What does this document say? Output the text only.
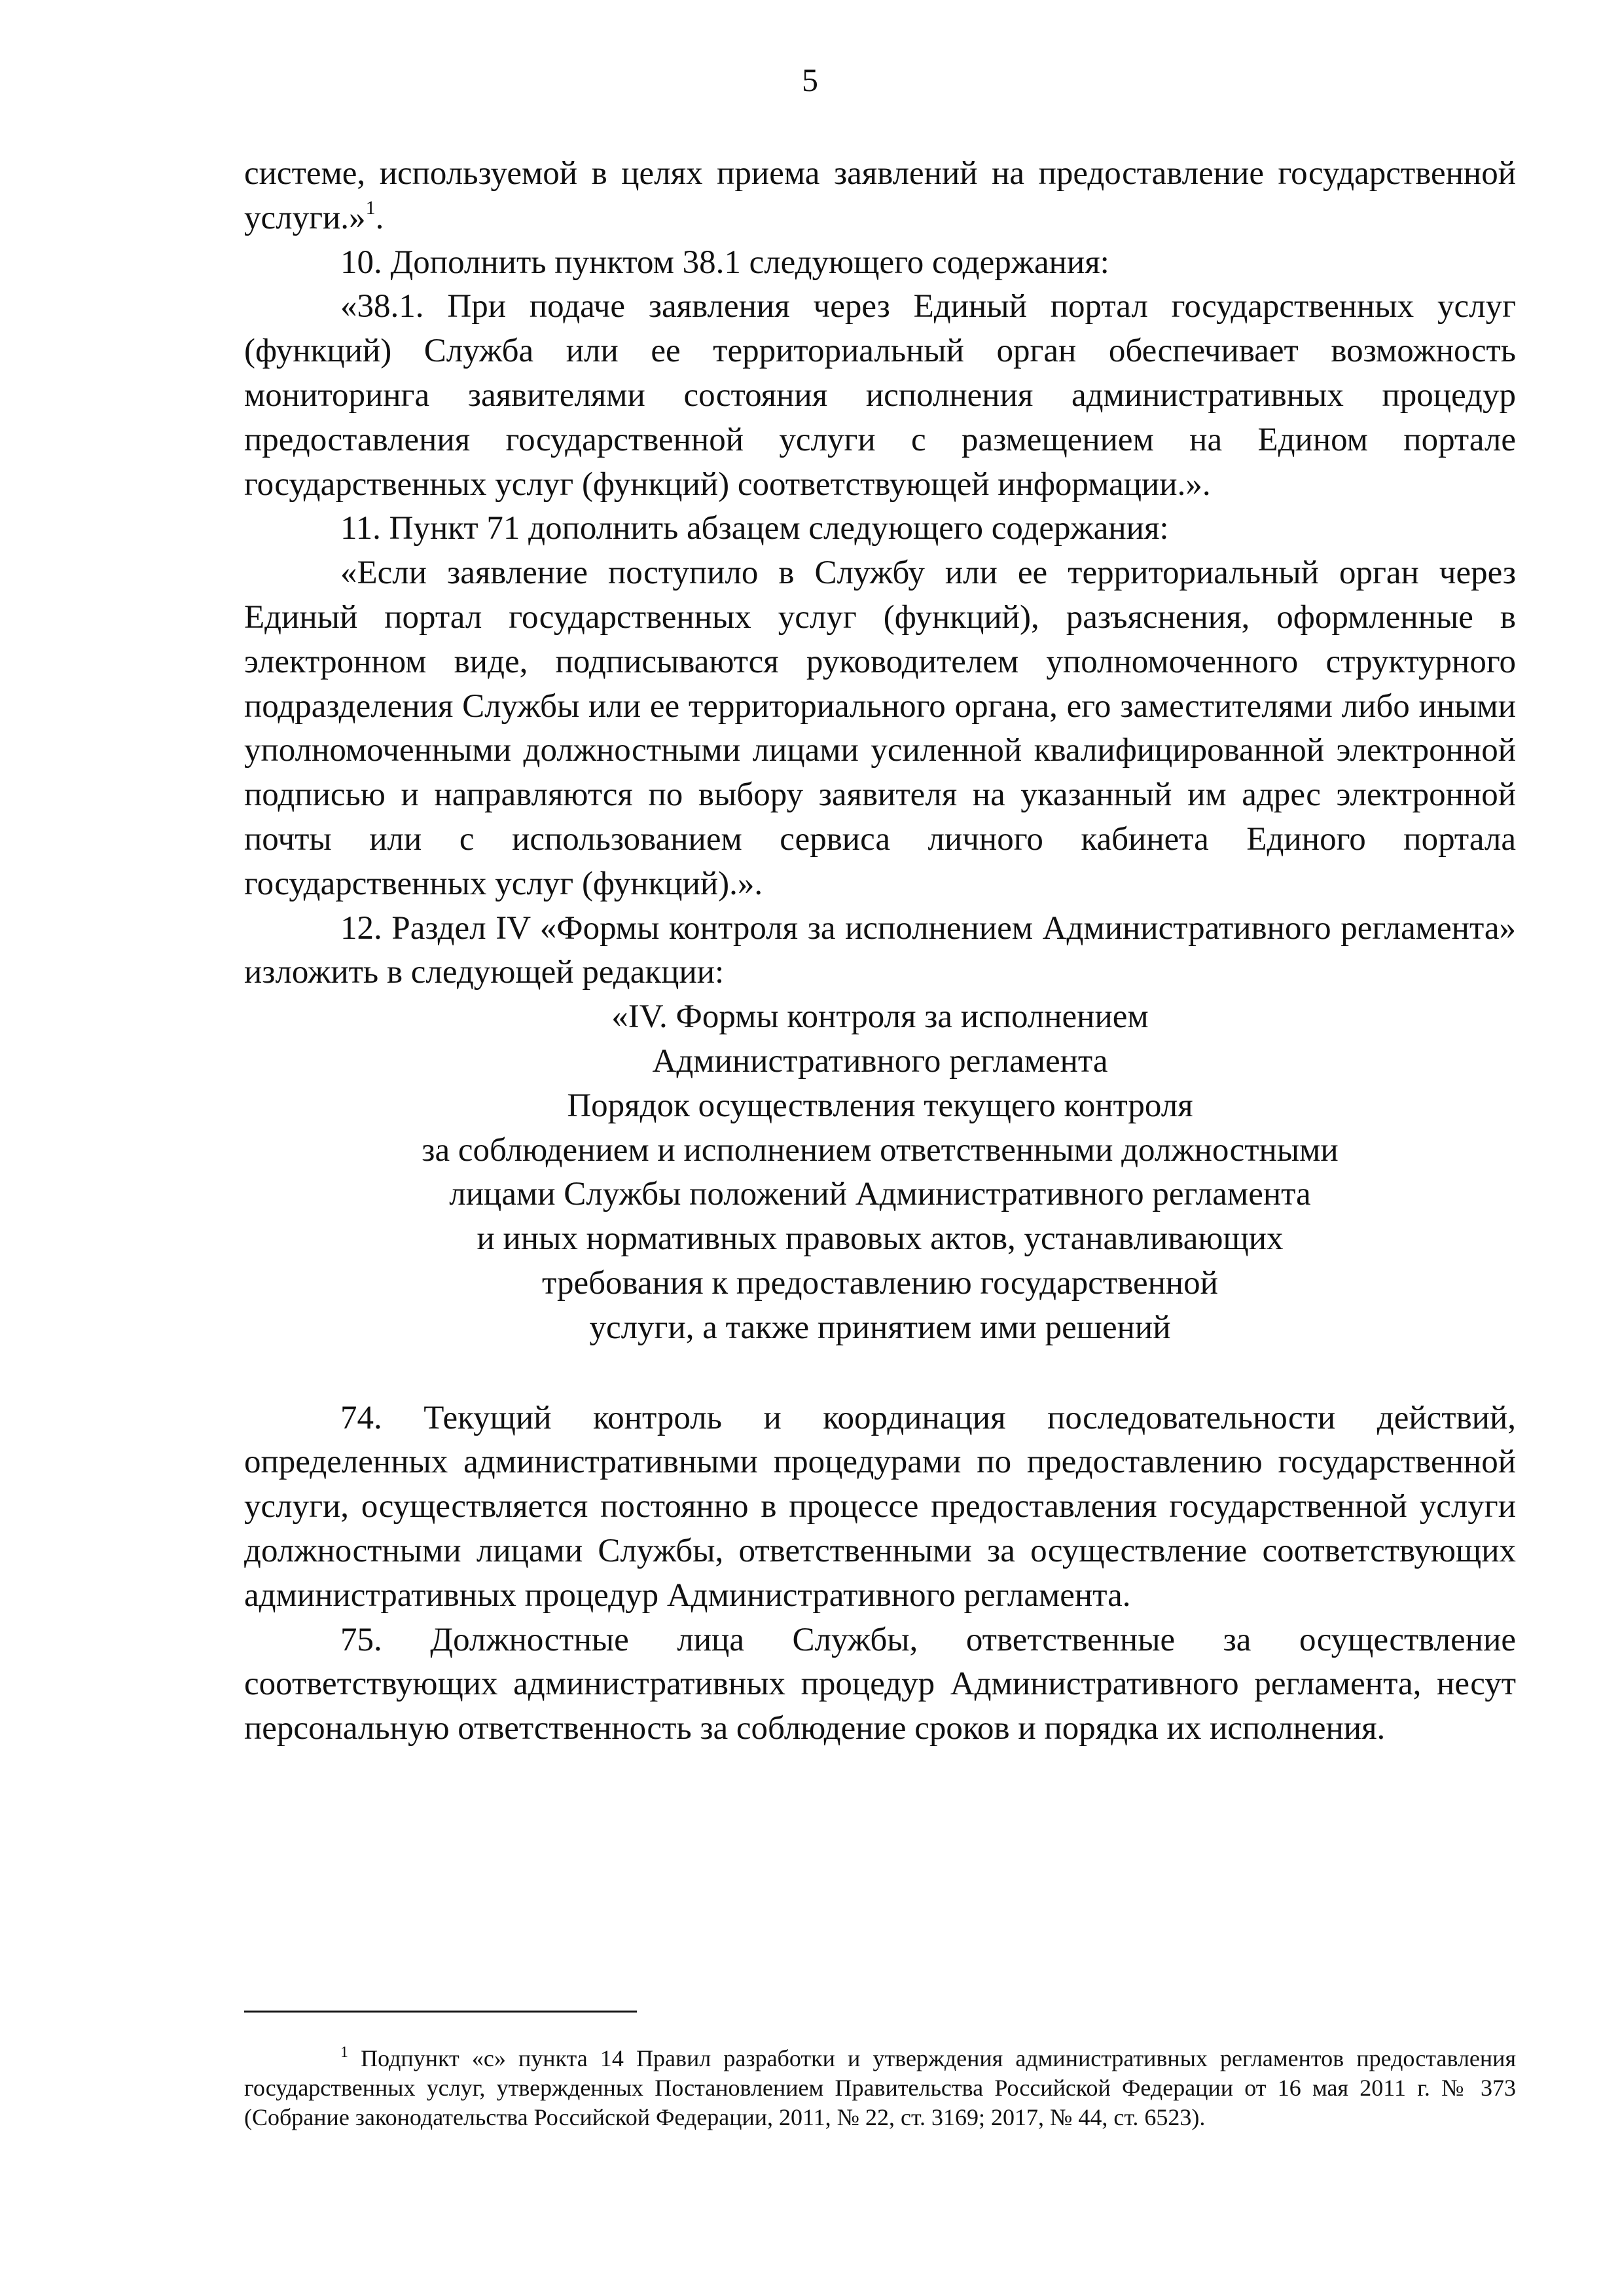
5

системе, используемой в целях приема заявлений на предоставление государственной услуги.»$^1$.

10. Дополнить пунктом 38.1 следующего содержания:

«38.1. При подаче заявления через Единый портал государственных услуг (функций) Служба или ее территориальный орган обеспечивает возможность мониторинга заявителями состояния исполнения административных процедур предоставления государственной услуги с размещением на Едином портале государственных услуг (функций) соответствующей информации.».

11. Пункт 71 дополнить абзацем следующего содержания:

«Если заявление поступило в Службу или ее территориальный орган через Единый портал государственных услуг (функций), разъяснения, оформленные в электронном виде, подписываются руководителем уполномоченного структурного подразделения Службы или ее территориального органа, его заместителями либо иными уполномоченными должностными лицами усиленной квалифицированной электронной подписью и направляются по выбору заявителя на указанный им адрес электронной почты или с использованием сервиса личного кабинета Единого портала государственных услуг (функций).».

12. Раздел IV «Формы контроля за исполнением Административного регламента» изложить в следующей редакции:

«IV. Формы контроля за исполнением
Административного регламента
Порядок осуществления текущего контроля
за соблюдением и исполнением ответственными должностными
лицами Службы положений Административного регламента
и иных нормативных правовых актов, устанавливающих
требования к предоставлению государственной
услуги, а также принятием ими решений

74. Текущий контроль и координация последовательности действий, определенных административными процедурами по предоставлению государственной услуги, осуществляется постоянно в процессе предоставления государственной услуги должностными лицами Службы, ответственными за осуществление соответствующих административных процедур Административного регламента.

75. Должностные лица Службы, ответственные за осуществление соответствующих административных процедур Административного регламента, несут персональную ответственность за соблюдение сроков и порядка их исполнения.

$^1$ Подпункт «с» пункта 14 Правил разработки и утверждения административных регламентов предоставления государственных услуг, утвержденных Постановлением Правительства Российской Федерации от 16 мая 2011 г. № 373 (Собрание законодательства Российской Федерации, 2011, № 22, ст. 3169; 2017, № 44, ст. 6523).
